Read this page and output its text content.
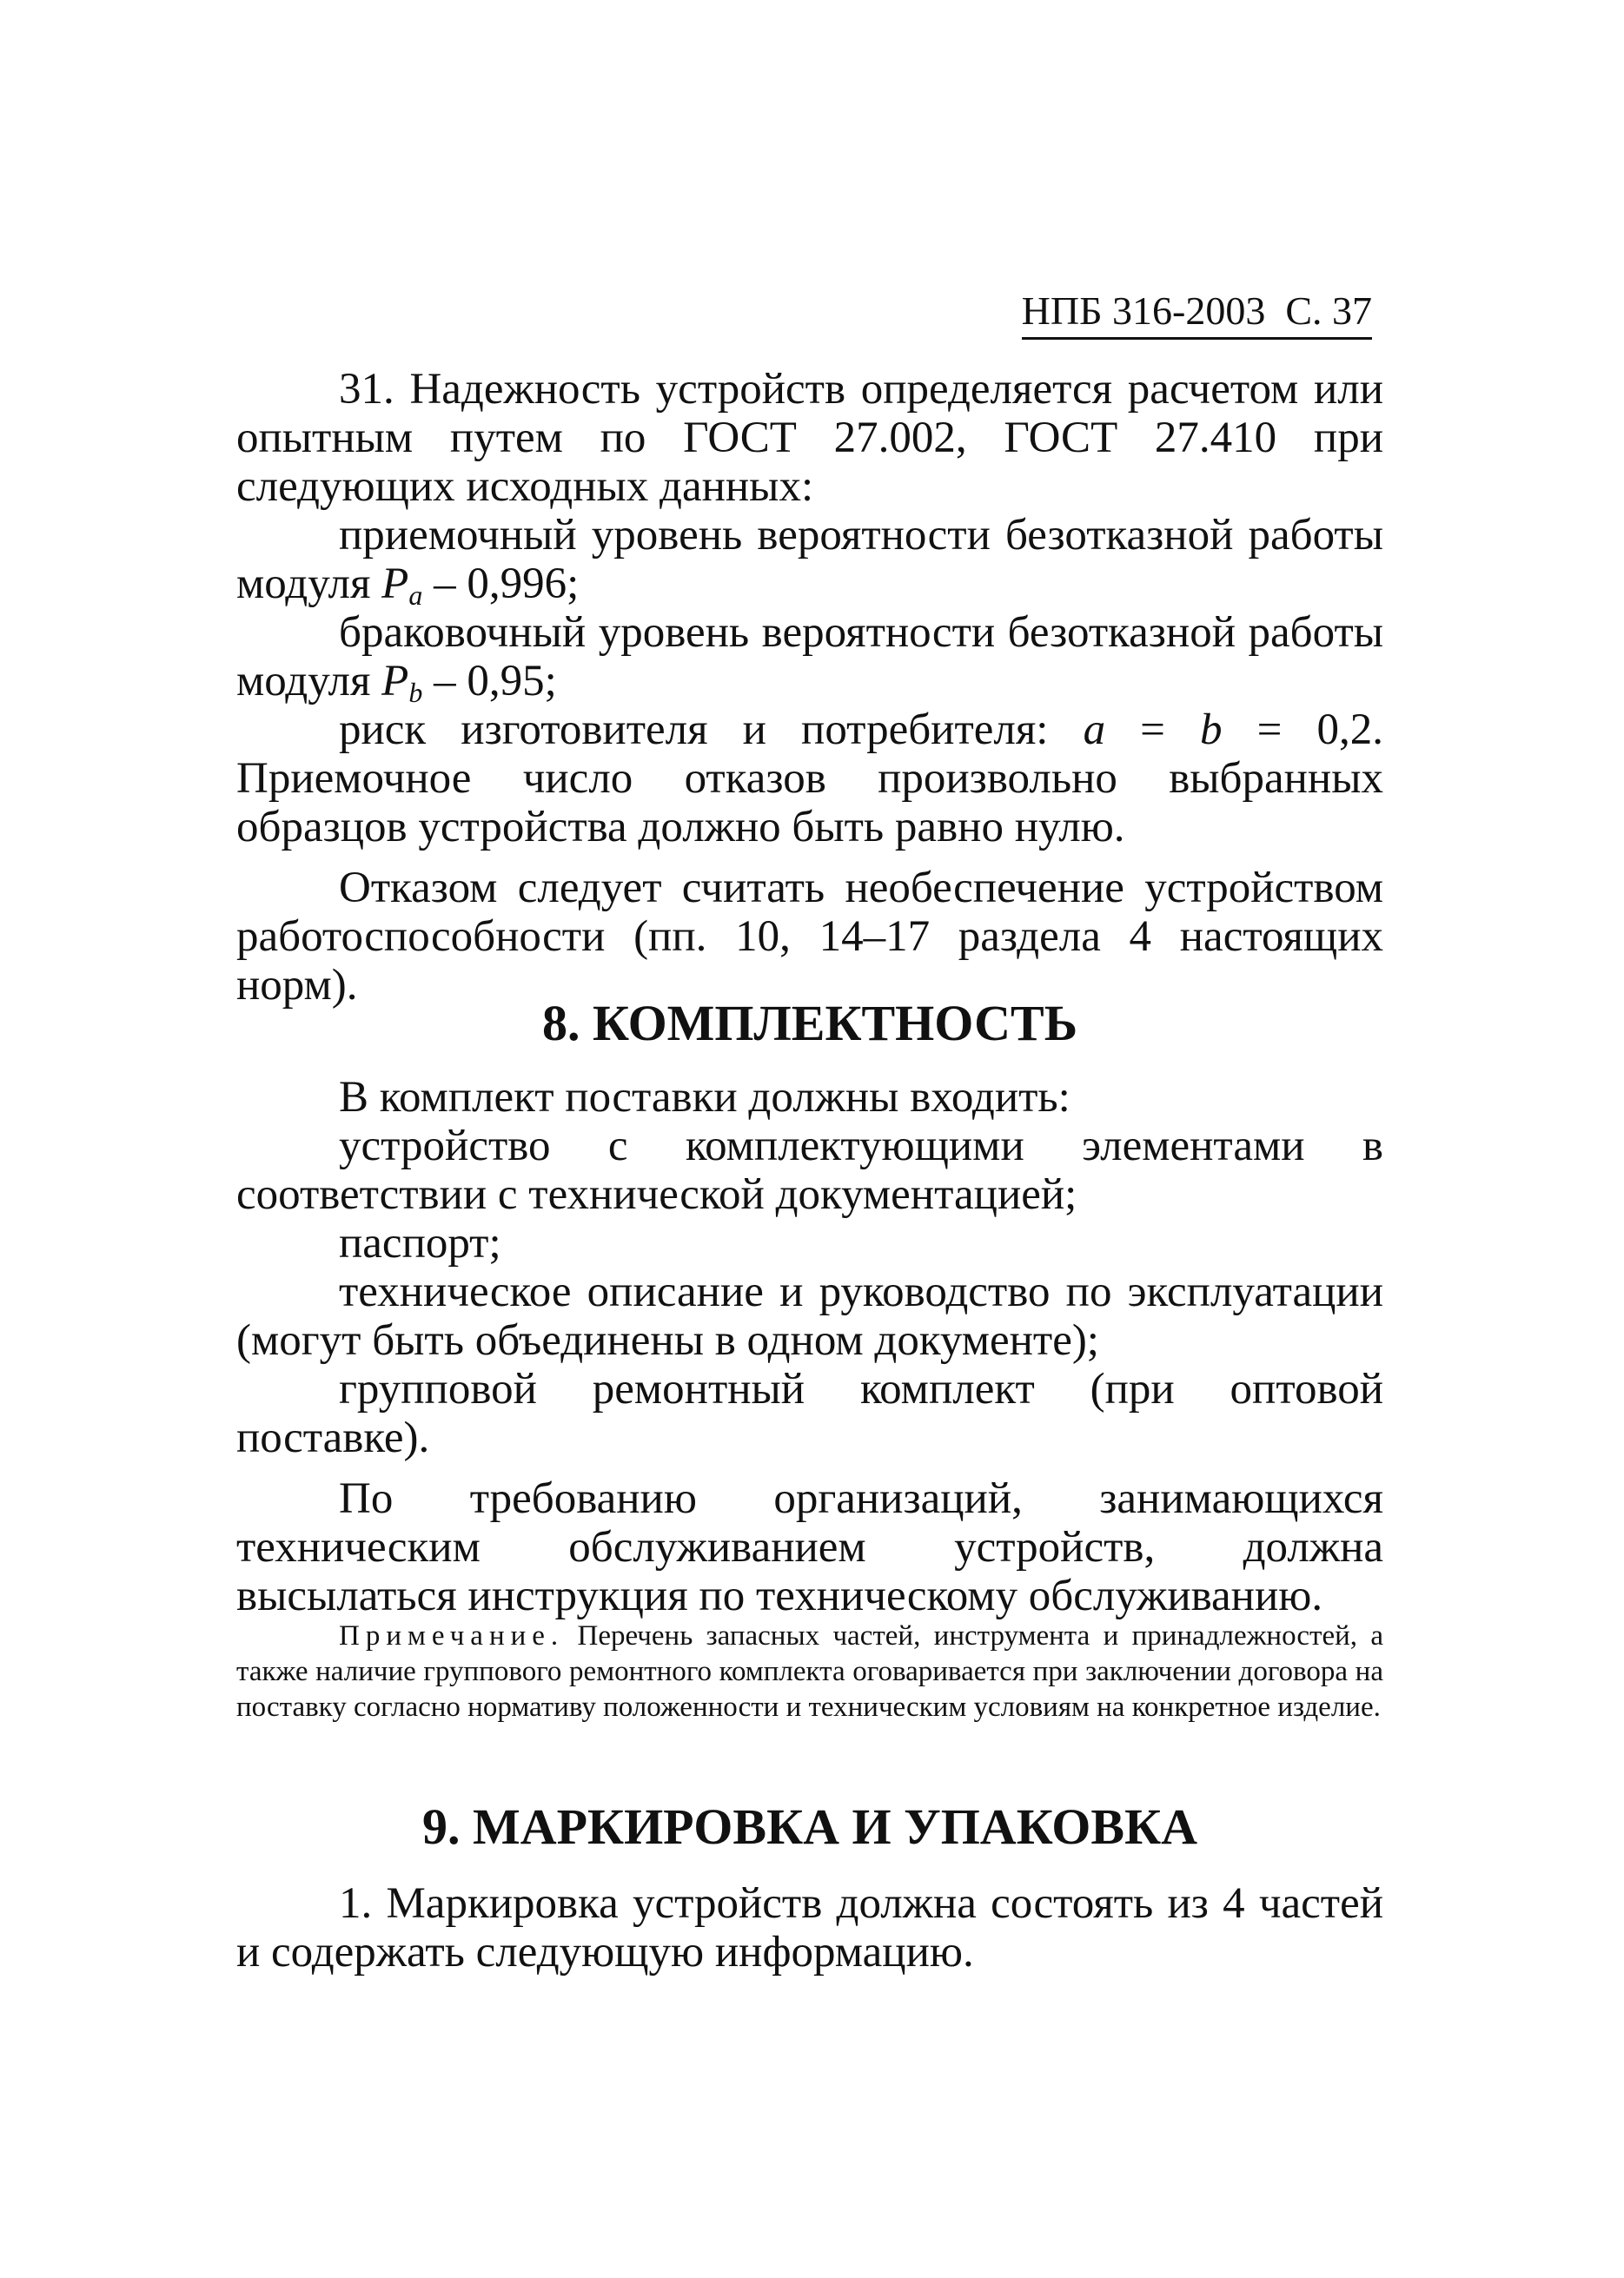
НПБ 316-2003 С. 37

31. Надежность устройств определяется расчетом или опытным путем по ГОСТ 27.002, ГОСТ 27.410 при следующих исходных данных:

приемочный уровень вероятности безотказной работы модуля $P_a - 0,996$;

браковочный уровень вероятности безотказной работы модуля $P_b - 0,95$;

риск изготовителя и потребителя: a = b = 0,2. Приемочное число отказов произвольно выбранных образцов устройства должно быть равно нулю.

Отказом следует считать необеспечение устройством работоспособности (пп. 10, 14–17 раздела 4 настоящих норм).

8. КОМПЛЕКТНОСТЬ

В комплект поставки должны входить:

устройство с комплектующими элементами в соответствии с технической документацией;

паспорт;

техническое описание и руководство по эксплуатации (могут быть объединены в одном документе);

групповой ремонтный комплект (при оптовой поставке).

По требованию организаций, занимающихся техническим обслуживанием устройств, должна высылаться инструкция по техническому обслуживанию.

Примечание. Перечень запасных частей, инструмента и принадлежностей, а также наличие группового ремонтного комплекта оговаривается при заключении договора на поставку согласно нормативу положенности и техническим условиям на конкретное изделие.

9. МАРКИРОВКА И УПАКОВКА

1. Маркировка устройств должна состоять из 4 частей и содержать следующую информацию.
